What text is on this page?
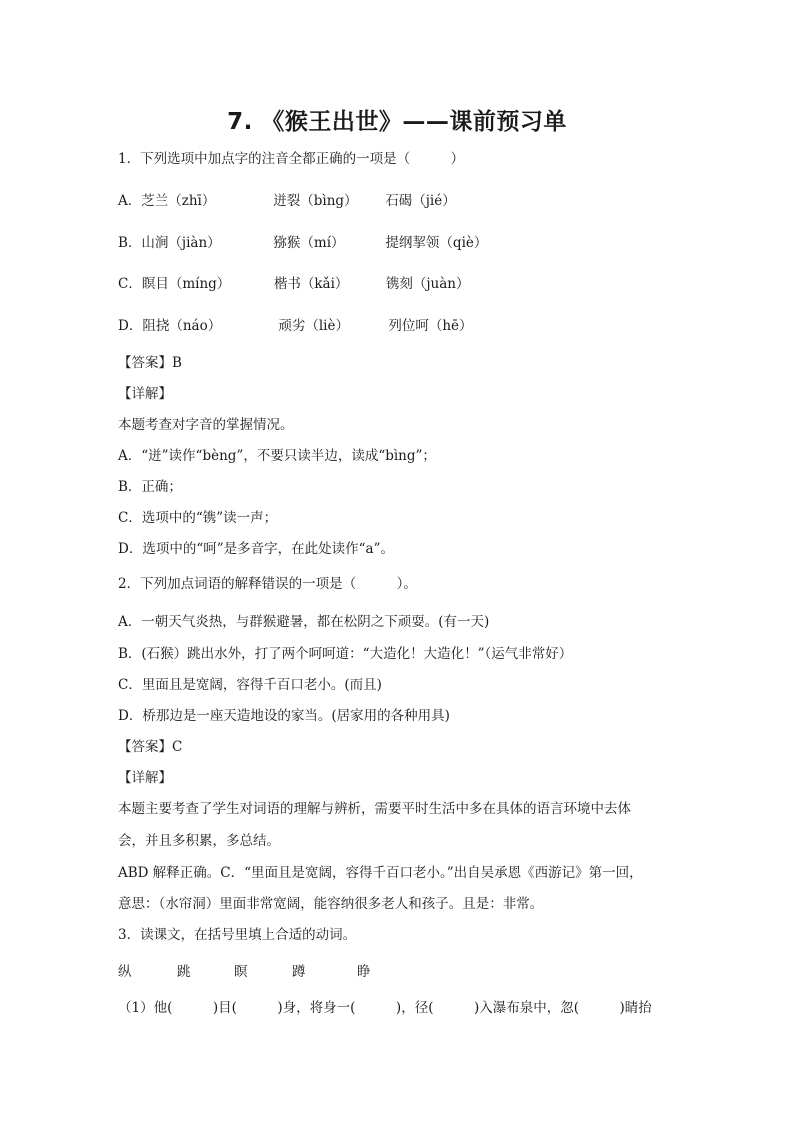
7. 《猴王出世》——课前预习单
1．下列选项中加点字的注音全都正确的一项是（　　　）
A．芝兰（zhī）	迸裂（bìng） 石碣（jié）
B．山涧（jiàn）	猕猴（mí）	提纲挈领（qiè）
C．瞑目（míng）	楷书（kǎi）	镌刻（juàn）
D．阻挠（náo）	顽劣（liè）	列位呵（hē）
【答案】B
【详解】
本题考查对字音的掌握情况。
A．“迸”读作“bèng”，不要只读半边，读成“bìng”；
B．正确；
C．选项中的“镌”读一声；
D．选项中的“呵”是多音字，在此处读作“a”。
2．下列加点词语的解释错误的一项是（　　　）。
A．一朝天气炎热，与群猴避暑，都在松阴之下顽耍。(有一天)
B．(石猴）跳出水外，打了两个呵呵道：“大造化！大造化！”（运气非常好）
C．里面且是宽阔，容得千百口老小。(而且)
D．桥那边是一座天造地设的家当。(居家用的各种用具)
【答案】C
【详解】
本题主要考查了学生对词语的理解与辨析，需要平时生活中多在具体的语言环境中去体
会，并且多积累，多总结。
ABD 解释正确。C．“里面且是宽阔，容得千百口老小。”出自吴承恩《西游记》第一回，
意思：（水帘洞）里面非常宽阔，能容纳很多老人和孩子。且是：非常。
3．读课文，在括号里填上合适的动词。
纵	跳	瞑	蹲	睁
（1）他(　　　)目(　　　)身，将身一(　　　)，径(　　　)入瀑布泉中，忽(　　　)睛抬
